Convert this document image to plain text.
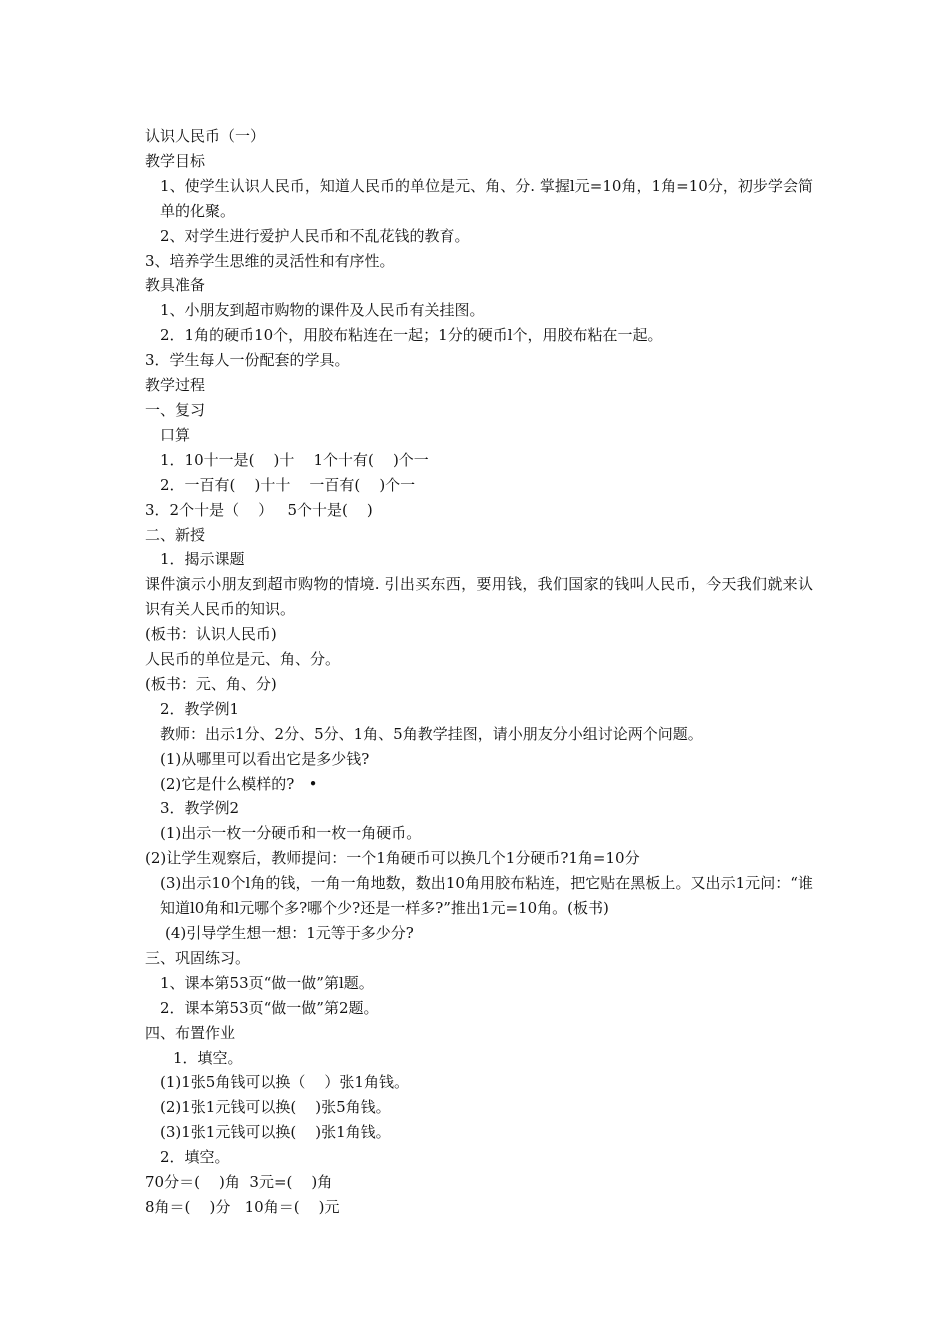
认识人民币（一）

教学目标

1、使学生认识人民币，知道人民币的单位是元、角、分. 掌握l元=10角，1角=10分，初步学会简单的化聚。

2、对学生进行爱护人民币和不乱花钱的教育。

3、培养学生思维的灵活性和有序性。

教具准备

1、小朋友到超市购物的课件及人民币有关挂图。

2．1角的硬币10个，用胶布粘连在一起；1分的硬币l个，用胶布粘在一起。

3．学生每人一份配套的学具。

教学过程

一、复习

口算

1．10十一是(    )十    1个十有(    )个一

2．一百有(    )十十    一百有(    )个一

3．2个十是（    ）   5个十是(    )

二、新授

1．揭示课题

课件演示小朋友到超市购物的情境. 引出买东西，要用钱，我们国家的钱叫人民币，今天我们就来认识有关人民币的知识。

(板书：认识人民币)

人民币的单位是元、角、分。

(板书：元、角、分)

2．教学例1

教师：出示1分、2分、5分、1角、5角教学挂图，请小朋友分小组讨论两个问题。

(1)从哪里可以看出它是多少钱?

(2)它是什么模样的?   •

3．教学例2

(1)出示一枚一分硬币和一枚一角硬币。

(2)让学生观察后，教师提问：一个1角硬币可以换几个1分硬币?1角=10分

(3)出示10个l角的钱，一角一角地数，数出10角用胶布粘连，把它贴在黑板上。又出示1元问：“谁知道l0角和l元哪个多?哪个少?还是一样多?”推出1元=10角。(板书)

(4)引导学生想一想：1元等于多少分?

三、巩固练习。

1、课本第53页“做一做”第l题。

2．课本第53页“做一做”第2题。

四、布置作业

1．填空。

(1)1张5角钱可以换（    ）张1角钱。

(2)1张1元钱可以换(    )张5角钱。

(3)1张1元钱可以换(    )张1角钱。

2．填空。

70分＝(    )角  3元=(    )角

8角＝(    )分   10角＝(    )元
